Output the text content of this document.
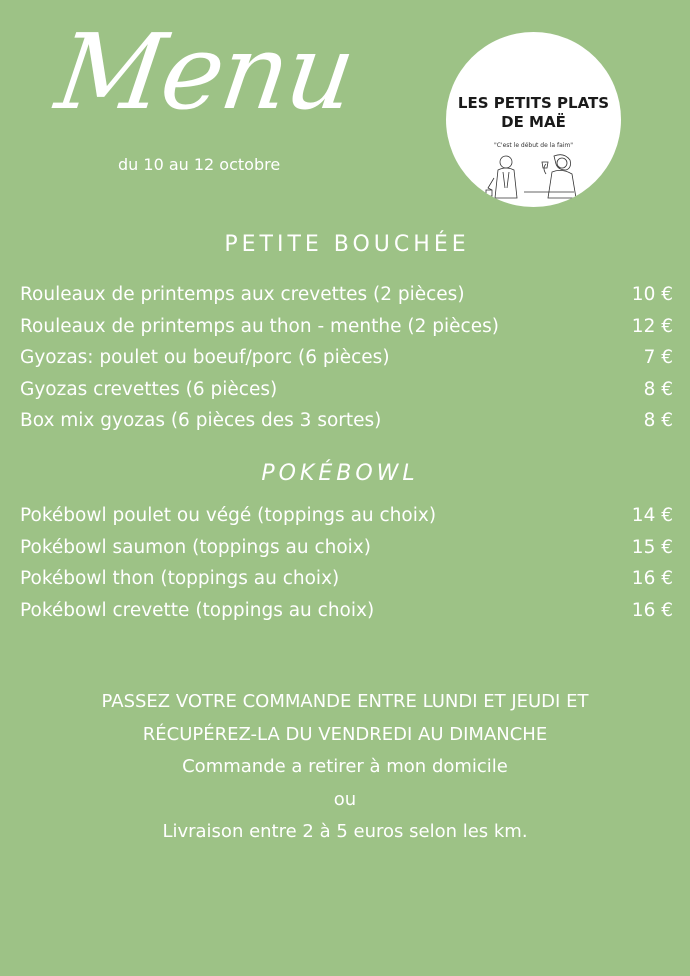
Menu
du 10 au 12 octobre
LES PETITS PLATS
DE MAË
"C'est le début de la faim"
PETITE BOUCHÉE
Rouleaux de printemps aux crevettes (2 pièces)	10 €
Rouleaux de printemps au thon - menthe (2 pièces)	12 €
Gyozas: poulet ou boeuf/porc (6 pièces)	7 €
Gyozas crevettes (6 pièces)	8 €
Box mix gyozas (6 pièces des 3 sortes)	8 €
POKÉBOWL
Pokébowl poulet ou végé (toppings au choix)	14 €
Pokébowl saumon (toppings au choix)	15 €
Pokébowl thon (toppings au choix)	16 €
Pokébowl crevette (toppings au choix)	16 €
PASSEZ VOTRE COMMANDE ENTRE LUNDI ET JEUDI ET
RÉCUPÉREZ-LA DU VENDREDI AU DIMANCHE
Commande a retirer à mon domicile
ou
Livraison entre 2 à 5 euros selon les km.
